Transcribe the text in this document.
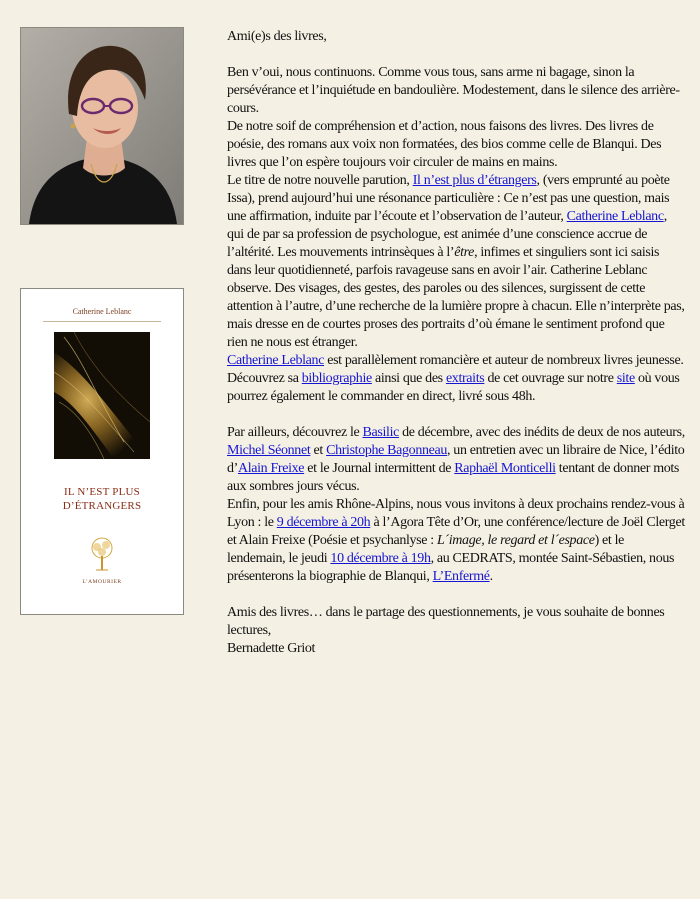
Catherine Leblanc
IL N’EST PLUS
D’ÉTRANGERS
L’AMOURIER

Ami(e)s des livres,

Ben v’oui, nous continuons. Comme vous tous, sans arme ni bagage, sinon la persévérance et l’inquiétude en bandoulière. Modestement, dans le silence des arrière-cours.

De notre soif de compréhension et d’action, nous faisons des livres. Des livres de poésie, des romans aux voix non formatées, des bios comme celle de Blanqui. Des livres que l’on espère toujours voir circuler de mains en mains.

Le titre de notre nouvelle parution, Il n’est plus d’étrangers, (vers emprunté au poète Issa), prend aujourd’hui une résonance particulière : Ce n’est pas une question, mais une affirmation, induite par l’écoute et l’observation de l’auteur, Catherine Leblanc, qui de par sa profession de psychologue, est animée d’une conscience accrue de l’altérité. Les mouvements intrinsèques à l’être, infimes et singuliers sont ici saisis dans leur quotidienneté, parfois ravageuse sans en avoir l’air. Catherine Leblanc observe. Des visages, des gestes, des paroles ou des silences, surgissent de cette attention à l’autre, d’une recherche de la lumière propre à chacun. Elle n’interprète pas, mais dresse en de courtes proses des portraits d’où émane le sentiment profond que rien ne nous est étranger.

Catherine Leblanc est parallèlement romancière et auteur de nombreux livres jeunesse. Découvrez sa bibliographie ainsi que des extraits de cet ouvrage sur notre site où vous pourrez également le commander en direct, livré sous 48h.

Par ailleurs, découvrez le Basilic de décembre, avec des inédits de deux de nos auteurs, Michel Séonnet et Christophe Bagonneau, un entretien avec un libraire de Nice, l’édito d’Alain Freixe et le Journal intermittent de Raphaël Monticelli tentant de donner mots aux sombres jours vécus.

Enfin, pour les amis Rhône-Alpins, nous vous invitons à deux prochains rendez-vous à Lyon : le 9 décembre à 20h à l’Agora Tête d’Or, une conférence/lecture de Joël Clerget et Alain Freixe (Poésie et psychanlyse : L´image, le regard et l´espace) et le lendemain, le jeudi 10 décembre à 19h, au CEDRATS, montée Saint-Sébastien, nous présenterons la biographie de Blanqui, L’Enfermé.

Amis des livres… dans le partage des questionnements, je vous souhaite de bonnes lectures,

Bernadette Griot
